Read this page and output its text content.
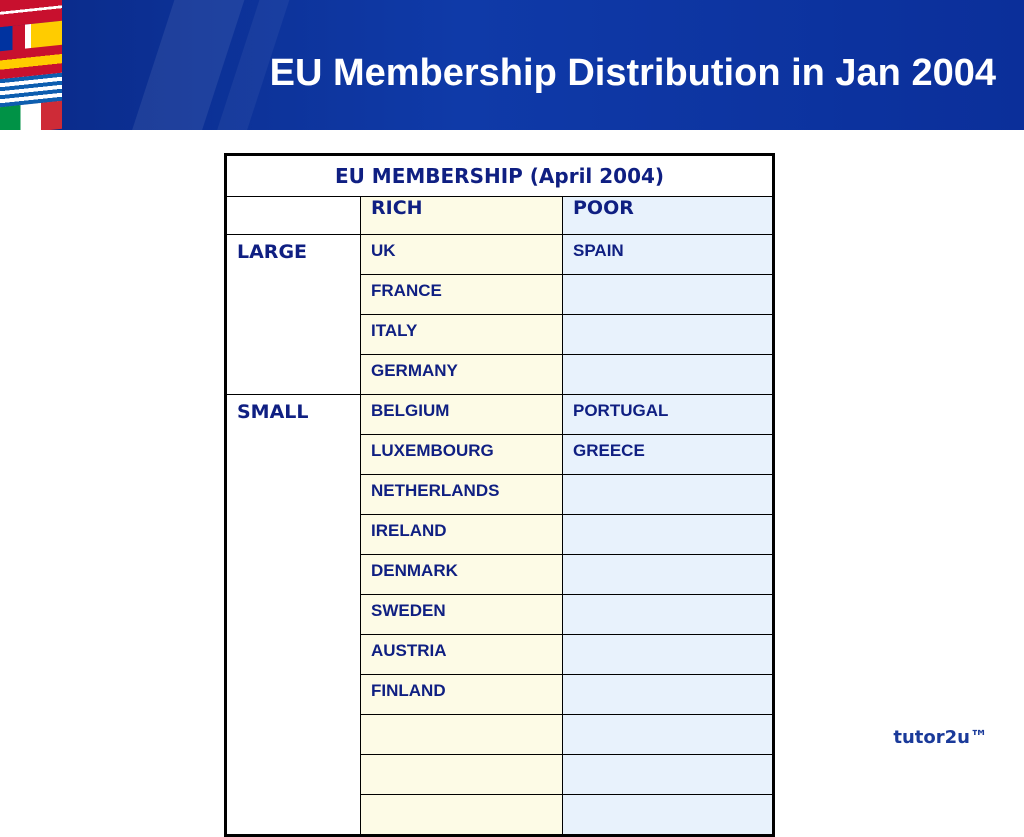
EU Membership Distribution in Jan 2004
EU MEMBERSHIP (April 2004)		
	RICH	POOR
LARGE	UK	SPAIN
	FRANCE	
	ITALY	
	GERMANY	
SMALL	BELGIUM	PORTUGAL
	LUXEMBOURG	GREECE
	NETHERLANDS	
	IRELAND	
	DENMARK	
	SWEDEN	
	AUSTRIA	
	FINLAND	

tutor2u™
